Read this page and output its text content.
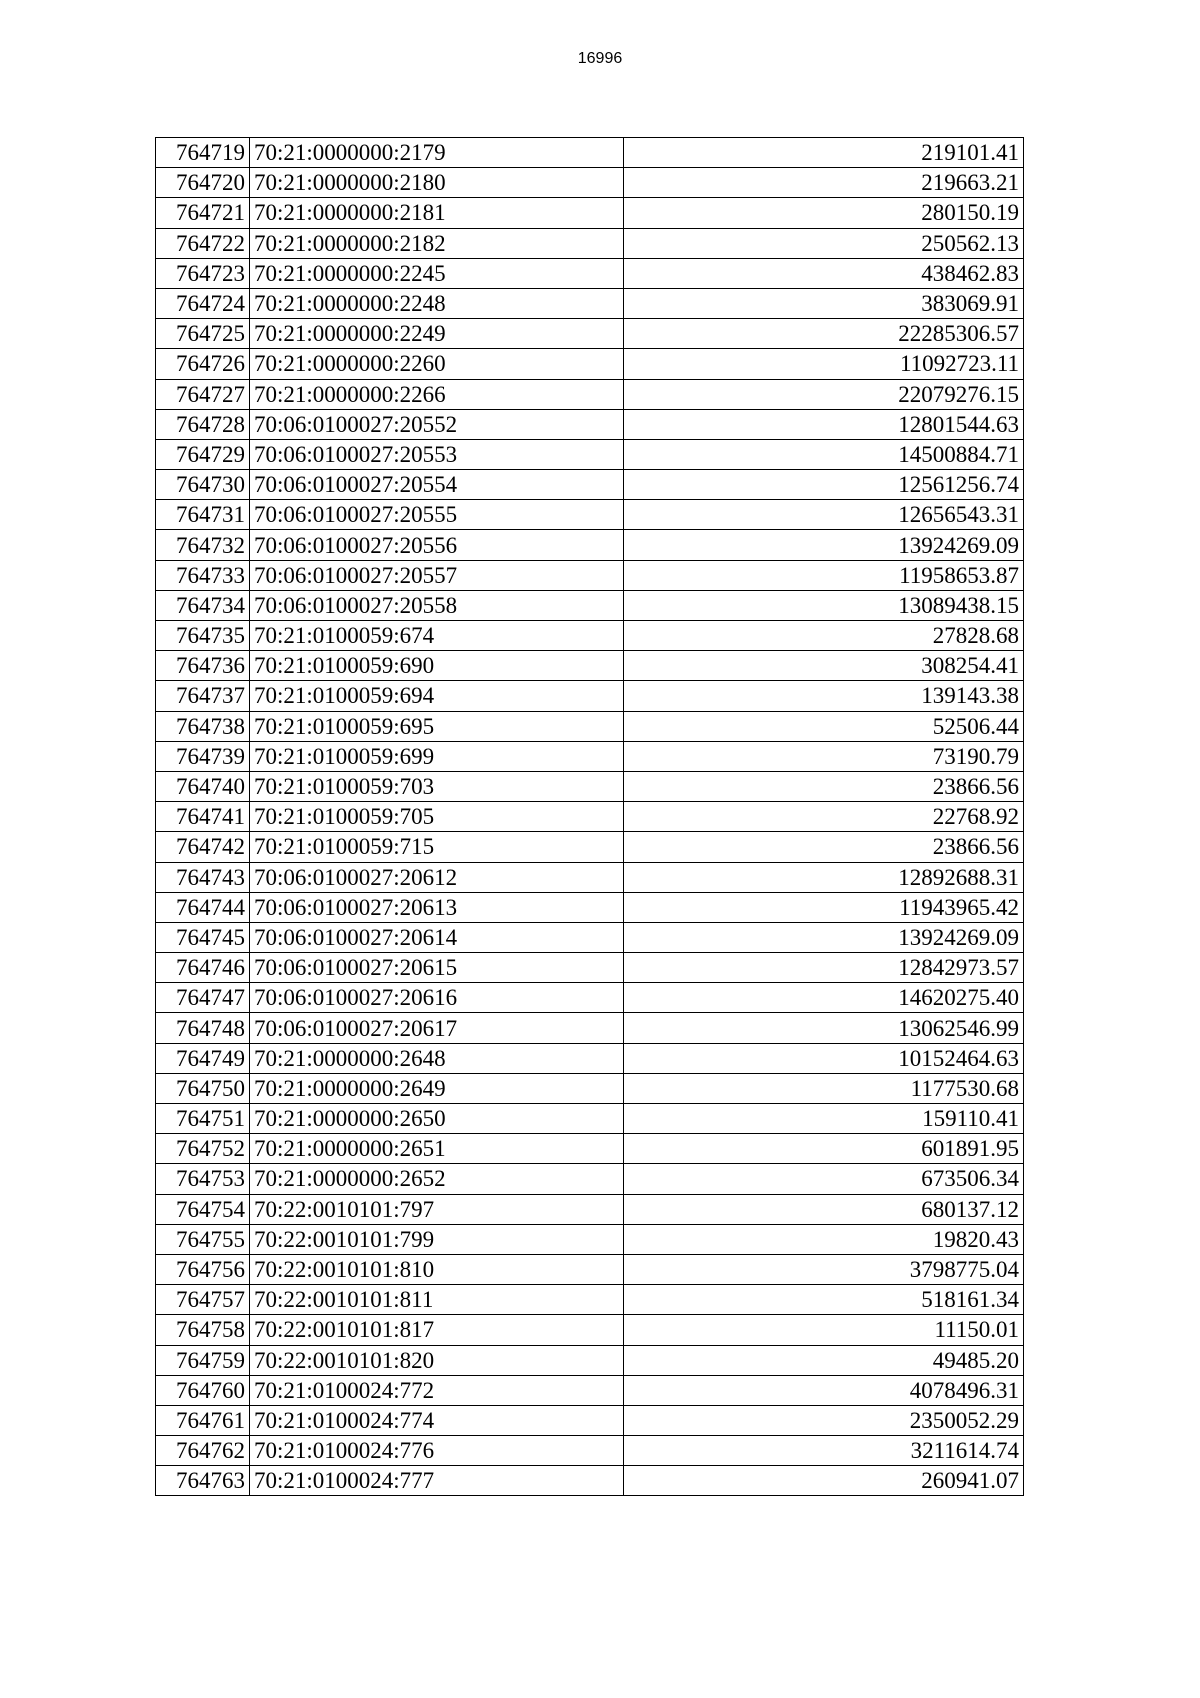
16996
764719	70:21:0000000:2179	219101.41
764720	70:21:0000000:2180	219663.21
764721	70:21:0000000:2181	280150.19
764722	70:21:0000000:2182	250562.13
764723	70:21:0000000:2245	438462.83
764724	70:21:0000000:2248	383069.91
764725	70:21:0000000:2249	22285306.57
764726	70:21:0000000:2260	11092723.11
764727	70:21:0000000:2266	22079276.15
764728	70:06:0100027:20552	12801544.63
764729	70:06:0100027:20553	14500884.71
764730	70:06:0100027:20554	12561256.74
764731	70:06:0100027:20555	12656543.31
764732	70:06:0100027:20556	13924269.09
764733	70:06:0100027:20557	11958653.87
764734	70:06:0100027:20558	13089438.15
764735	70:21:0100059:674	27828.68
764736	70:21:0100059:690	308254.41
764737	70:21:0100059:694	139143.38
764738	70:21:0100059:695	52506.44
764739	70:21:0100059:699	73190.79
764740	70:21:0100059:703	23866.56
764741	70:21:0100059:705	22768.92
764742	70:21:0100059:715	23866.56
764743	70:06:0100027:20612	12892688.31
764744	70:06:0100027:20613	11943965.42
764745	70:06:0100027:20614	13924269.09
764746	70:06:0100027:20615	12842973.57
764747	70:06:0100027:20616	14620275.40
764748	70:06:0100027:20617	13062546.99
764749	70:21:0000000:2648	10152464.63
764750	70:21:0000000:2649	1177530.68
764751	70:21:0000000:2650	159110.41
764752	70:21:0000000:2651	601891.95
764753	70:21:0000000:2652	673506.34
764754	70:22:0010101:797	680137.12
764755	70:22:0010101:799	19820.43
764756	70:22:0010101:810	3798775.04
764757	70:22:0010101:811	518161.34
764758	70:22:0010101:817	11150.01
764759	70:22:0010101:820	49485.20
764760	70:21:0100024:772	4078496.31
764761	70:21:0100024:774	2350052.29
764762	70:21:0100024:776	3211614.74
764763	70:21:0100024:777	260941.07
